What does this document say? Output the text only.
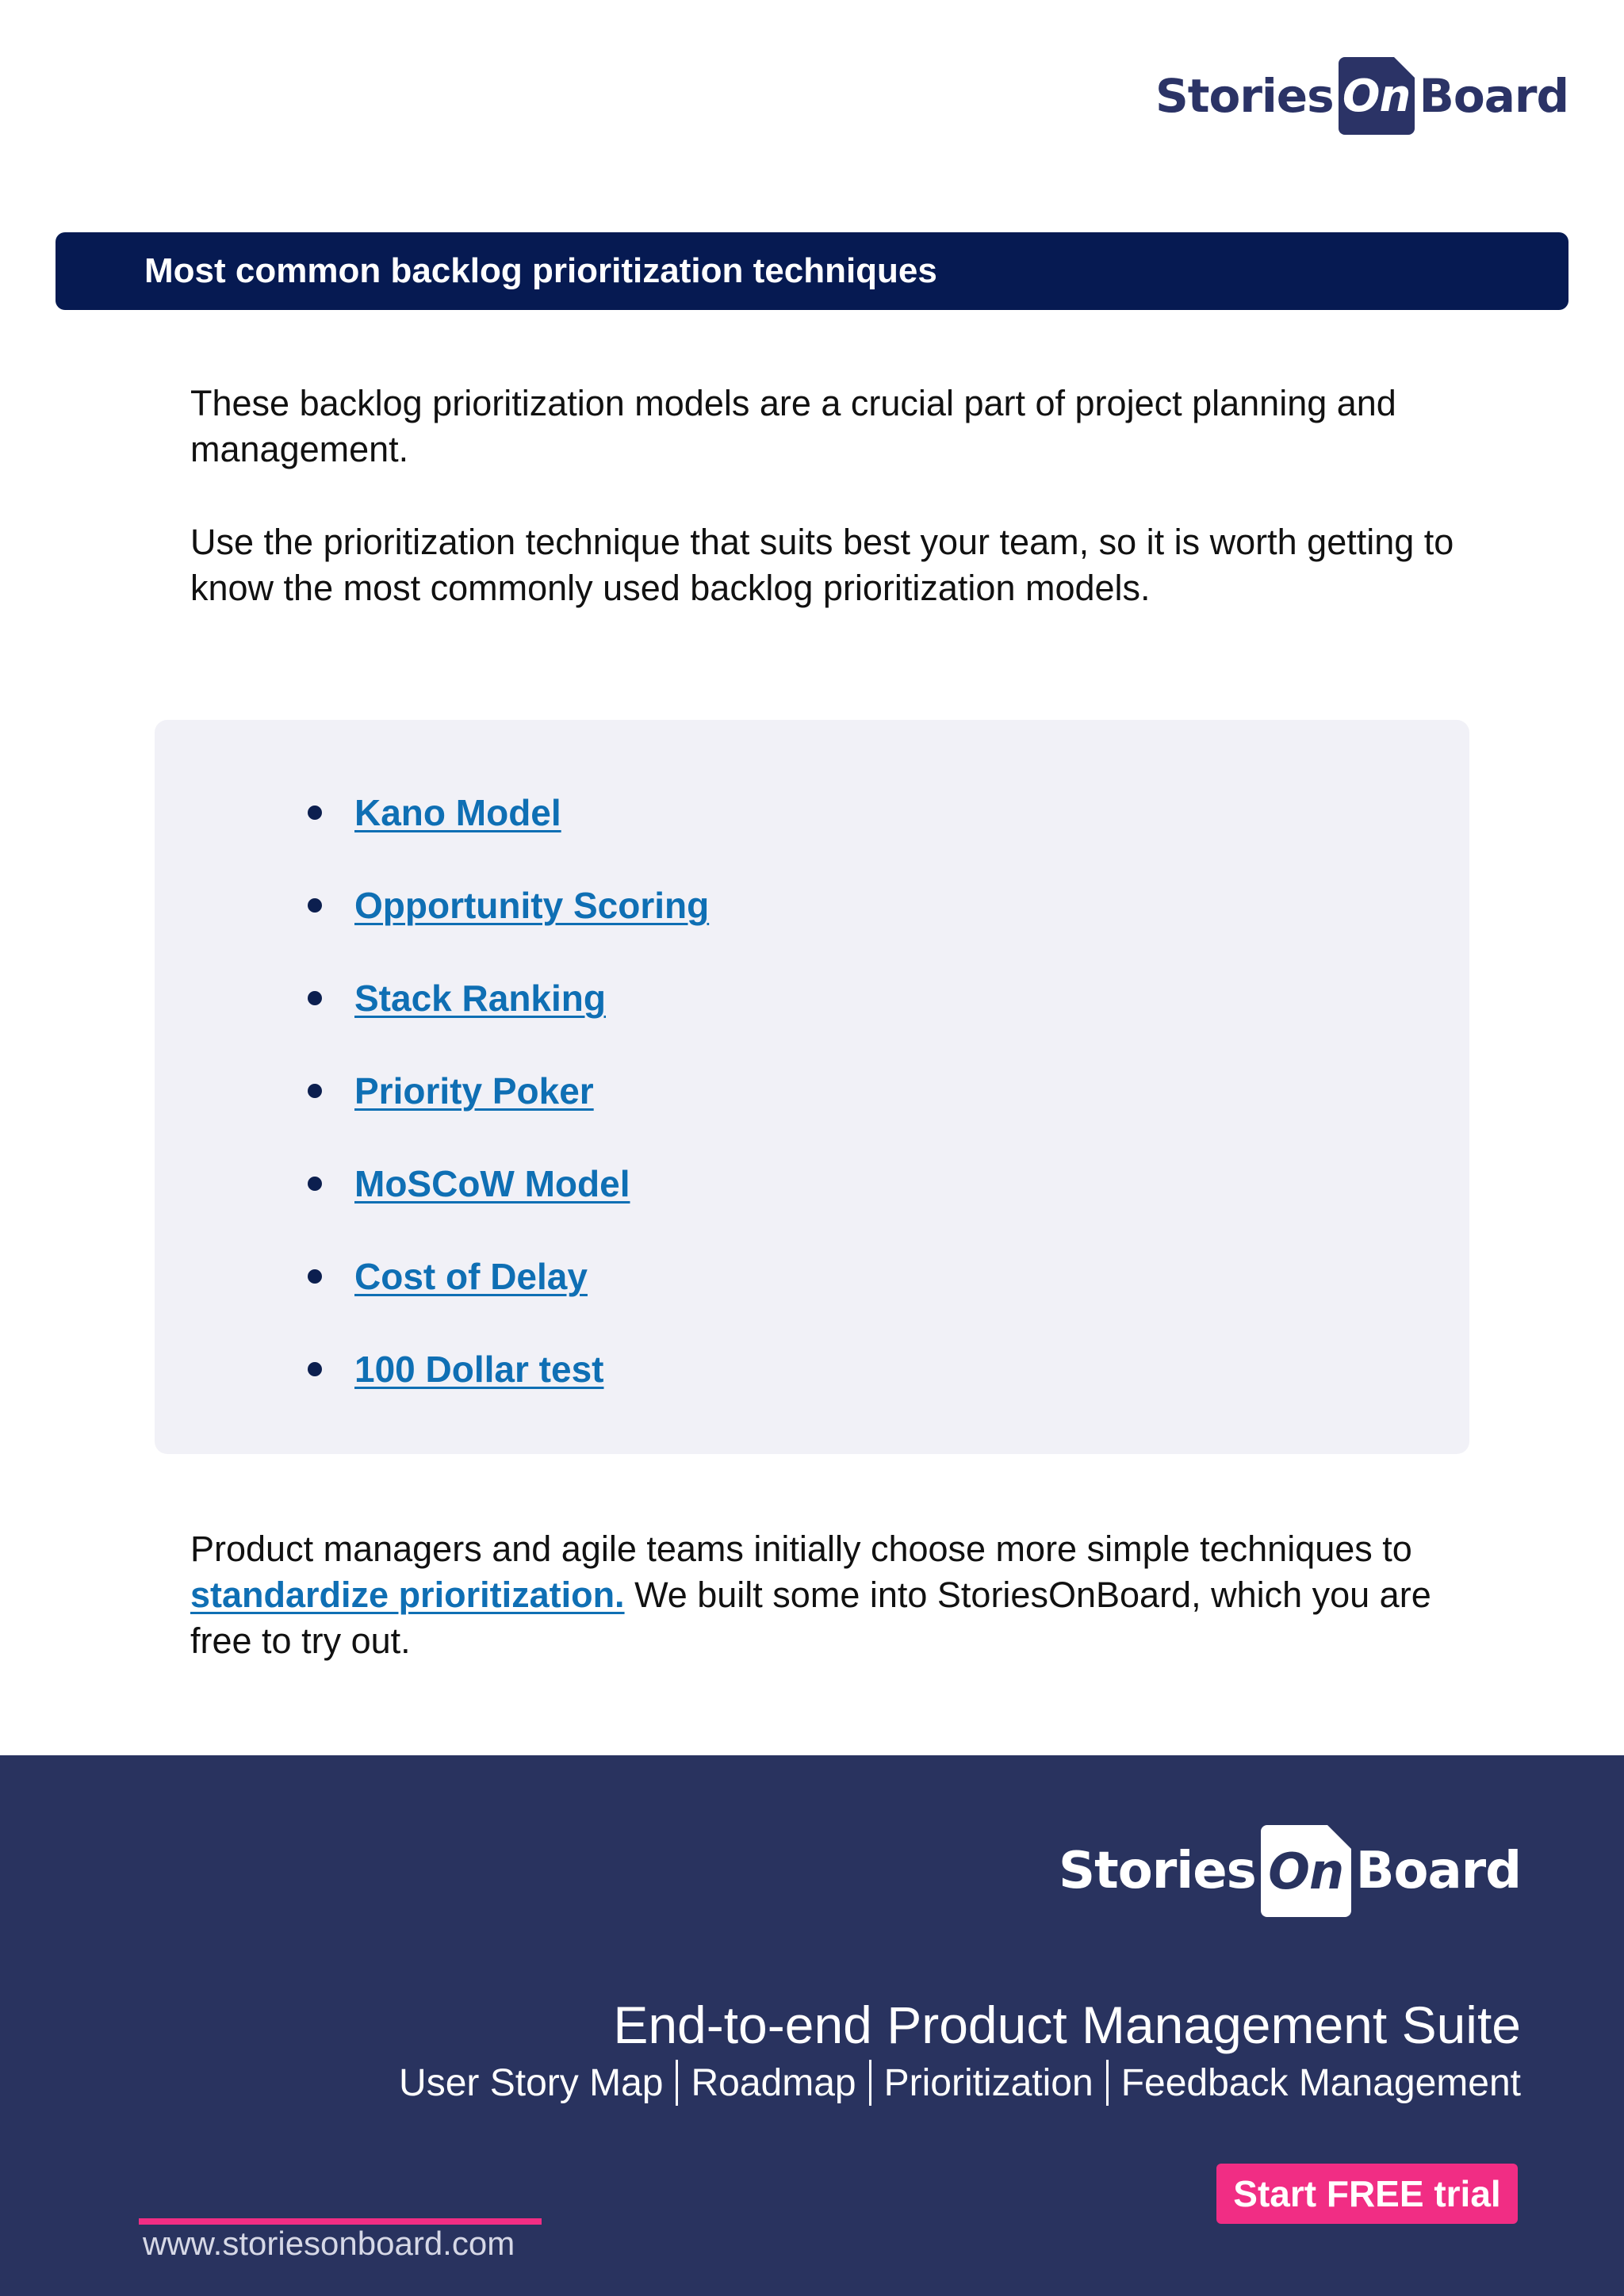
Stories On Board
Most common backlog prioritization techniques

These backlog prioritization models are a crucial part of project planning and management.

Use the prioritization technique that suits best your team, so it is worth getting to know the most commonly used backlog prioritization models.

Kano Model
Opportunity Scoring
Stack Ranking
Priority Poker
MoSCoW Model
Cost of Delay
100 Dollar test

Product managers and agile teams initially choose more simple techniques to standardize prioritization. We built some into StoriesOnBoard, which you are free to try out.

Stories On Board
End-to-end Product Management Suite
User Story Map Roadmap Prioritization Feedback Management
Start FREE trial
www.storiesonboard.com
